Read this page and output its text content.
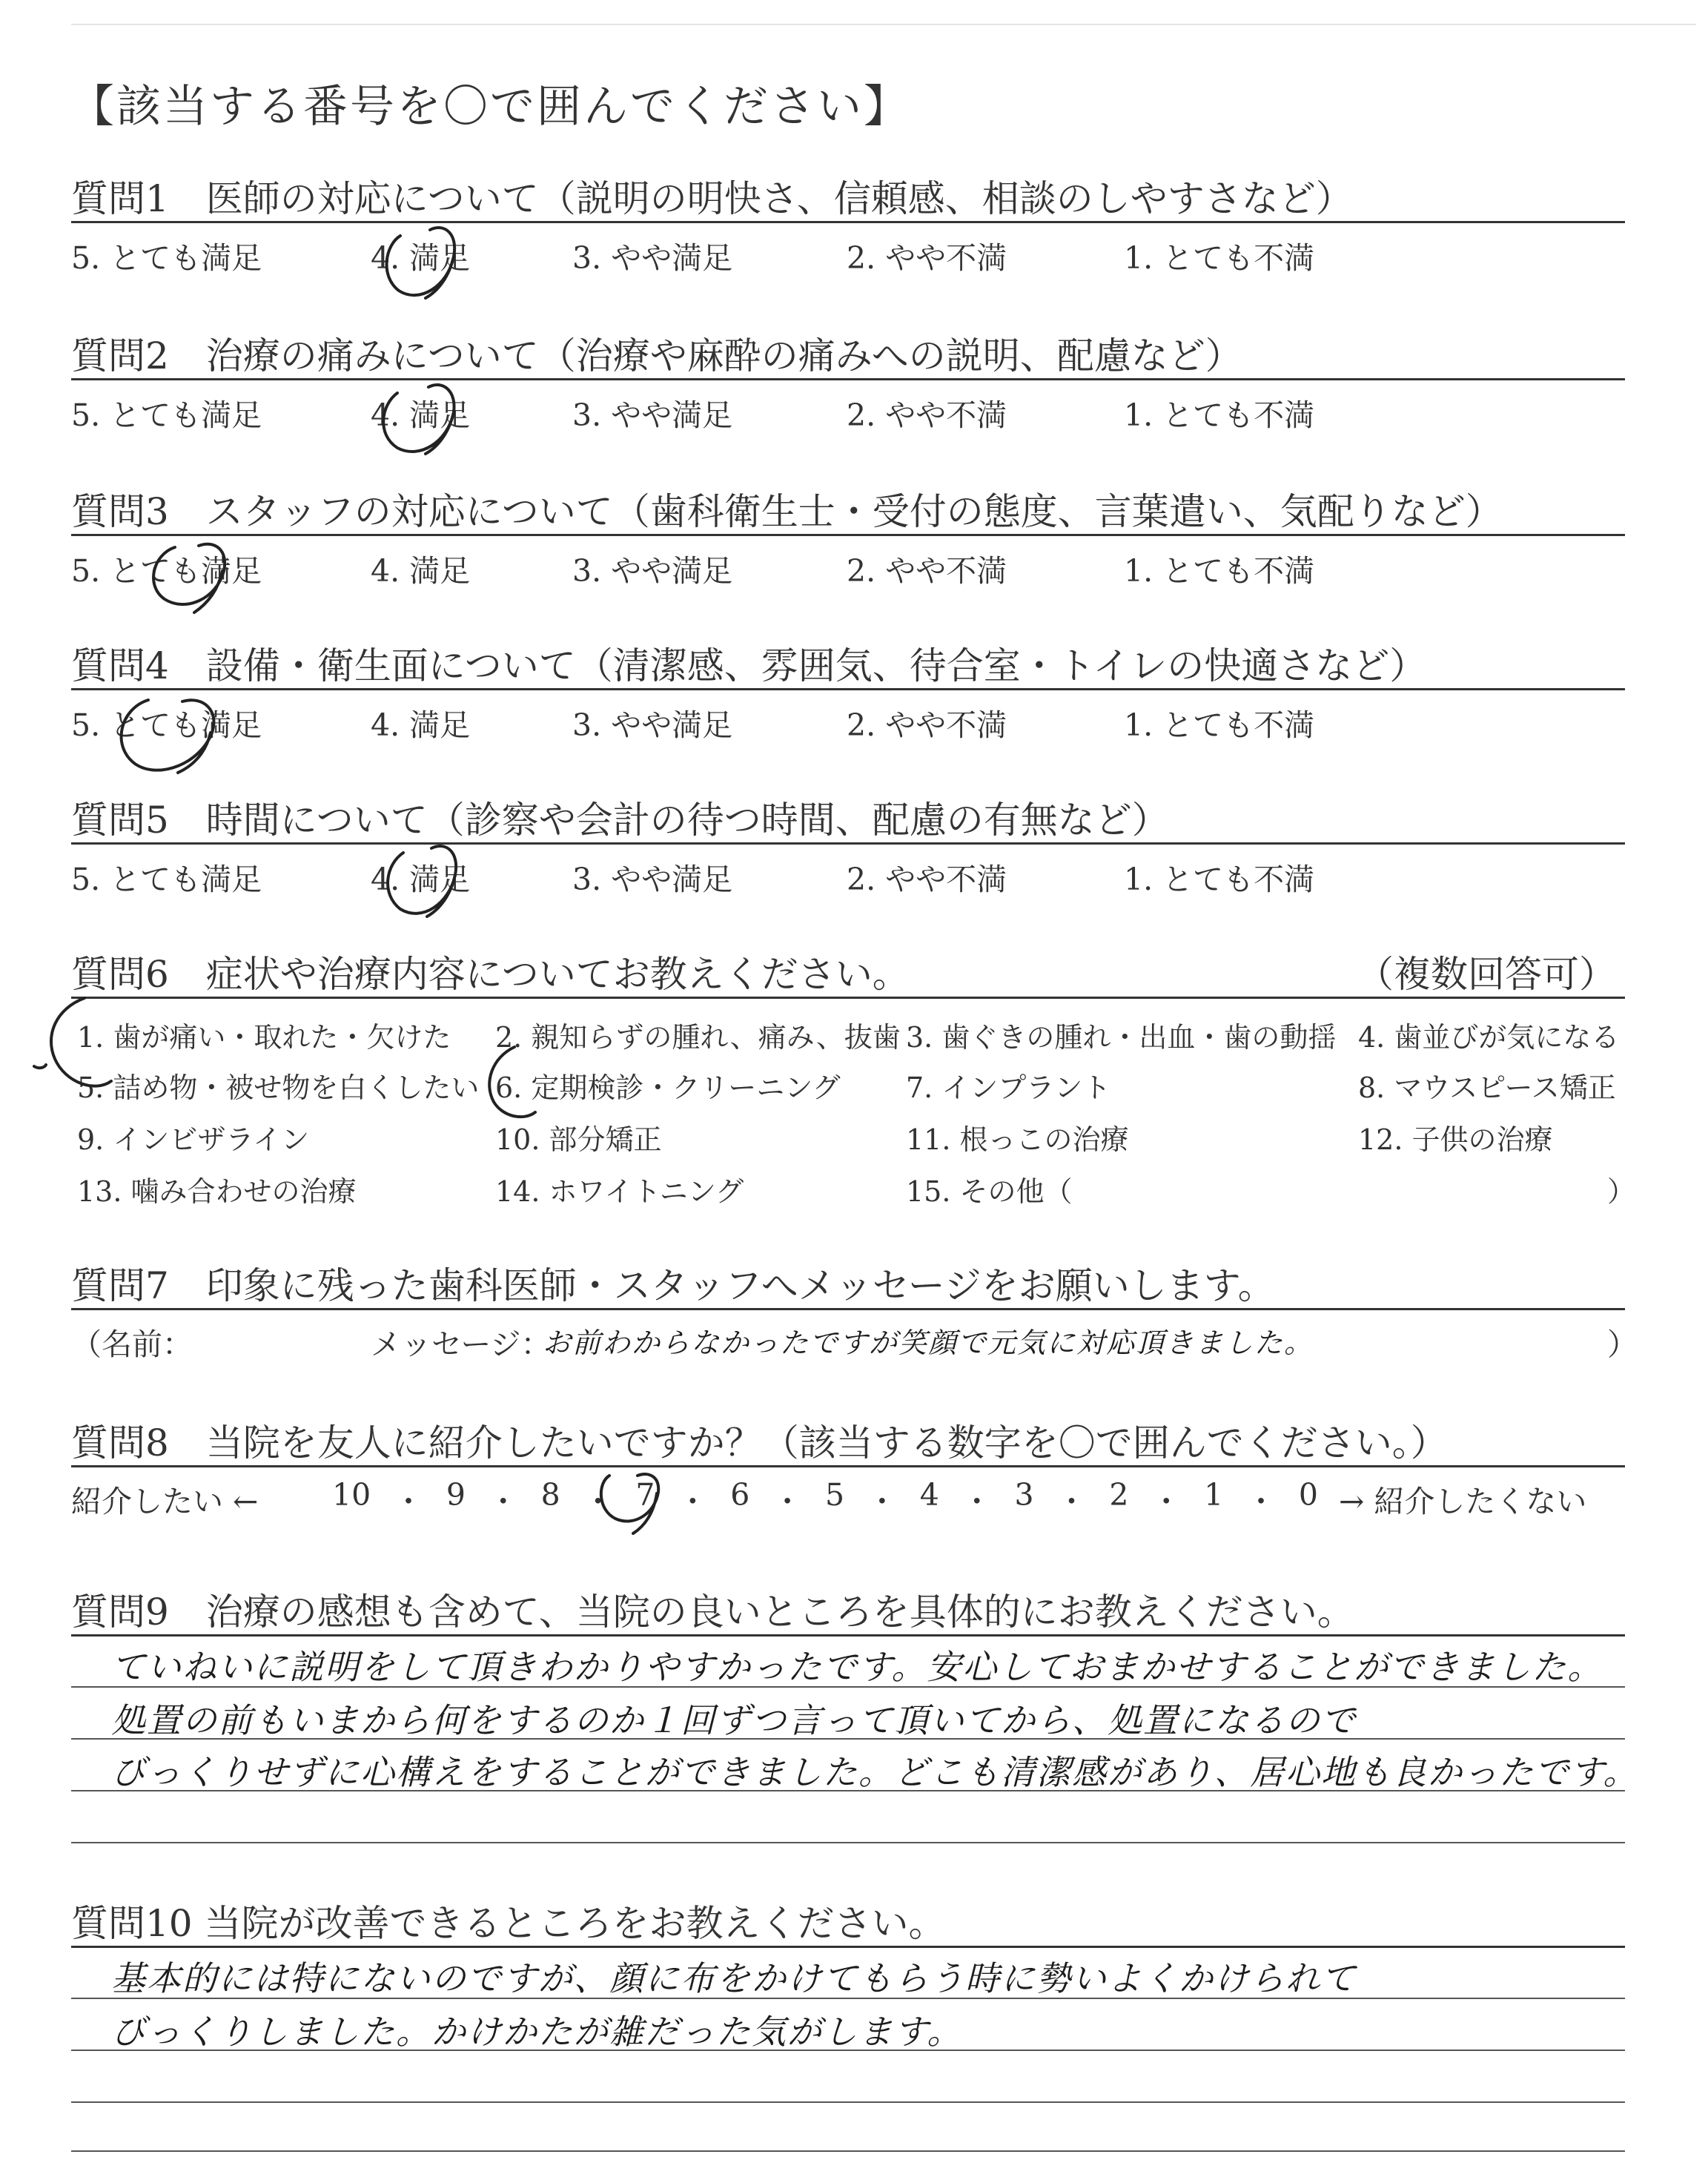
【該当する番号を〇で囲んでください】
質問1　医師の対応について（説明の明快さ、信頼感、相談のしやすさなど）
5. とても満足	4. 満足	3. やや満足	2. やや不満	1. とても不満
質問2　治療の痛みについて（治療や麻酔の痛みへの説明、配慮など）
5. とても満足	4. 満足	3. やや満足	2. やや不満	1. とても不満
質問3　スタッフの対応について（歯科衛生士・受付の態度、言葉遣い、気配りなど）
5. とても満足	4. 満足	3. やや満足	2. やや不満	1. とても不満
質問4　設備・衛生面について（清潔感、雰囲気、待合室・トイレの快適さなど）
5. とても満足	4. 満足	3. やや満足	2. やや不満	1. とても不満
質問5　時間について（診察や会計の待つ時間、配慮の有無など）
5. とても満足	4. 満足	3. やや満足	2. やや不満	1. とても不満
質問6　症状や治療内容についてお教えください。	（複数回答可）
1. 歯が痛い・取れた・欠けた 2. 親知らずの腫れ、痛み、抜歯 3. 歯ぐきの腫れ・出血・歯の動揺 4. 歯並びが気になる
5. 詰め物・被せ物を白くしたい 6. 定期検診・クリーニング 7. インプラント	8. マウスピース矯正
9. インビザライン	10. 部分矯正	11. 根っこの治療	12. 子供の治療
13. 噛み合わせの治療	14. ホワイトニング	15. その他（	）
質問7　印象に残った歯科医師・スタッフへメッセージをお願いします。
（名前：	メッセージ：
お前わからなかったですが笑顔で元気に対応頂きました。	）
質問8　当院を友人に紹介したいですか？（該当する数字を〇で囲んでください。）
紹介したい ← 10 ・ 9 ・ 8 ・ 7 ・ 6 ・ 5 ・ 4 ・ 3 ・ 2 ・ 1 ・ 0 → 紹介したくない
質問9　治療の感想も含めて、当院の良いところを具体的にお教えください。
ていねいに説明をして頂きわかりやすかったです。安心しておまかせすることができました。
処置の前もいまから何をするのか１回ずつ言って頂いてから、処置になるので
びっくりせずに心構えをすることができました。どこも清潔感があり、居心地も良かったです。
質問10 当院が改善できるところをお教えください。
基本的には特にないのですが、顔に布をかけてもらう時に勢いよくかけられて
びっくりしました。かけかたが雑だった気がします。
